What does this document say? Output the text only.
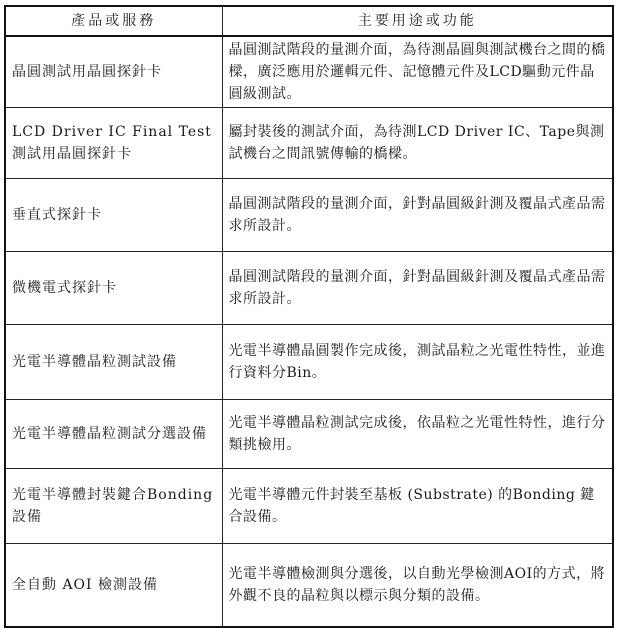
產品或服務	主要用途或功能
晶圓測試用晶圓探針卡	晶圓測試階段的量測介面，為待測晶圓與測試機台之間的橋樑，廣泛應用於邏輯元件、記憶體元件及LCD驅動元件晶圓級測試。
LCD Driver IC Final Test測試用晶圓探針卡	屬封裝後的測試介面，為待測LCD Driver IC、Tape與測試機台之間訊號傳輸的橋樑。
垂直式探針卡	晶圓測試階段的量測介面，針對晶圓級針測及覆晶式產品需求所設計。
微機電式探針卡	晶圓測試階段的量測介面，針對晶圓級針測及覆晶式產品需求所設計。
光電半導體晶粒測試設備	光電半導體晶圓製作完成後，測試晶粒之光電性特性，並進行資料分Bin。
光電半導體晶粒測試分選設備	光電半導體晶粒測試完成後，依晶粒之光電性特性，進行分類挑檢用。
光電半導體封裝鍵合Bonding設備	光電半導體元件封裝至基板 (Substrate) 的Bonding 鍵合設備。
全自動 AOI 檢測設備	光電半導體檢測與分選後，以自動光學檢測AOI的方式，將外觀不良的晶粒與以標示與分類的設備。
